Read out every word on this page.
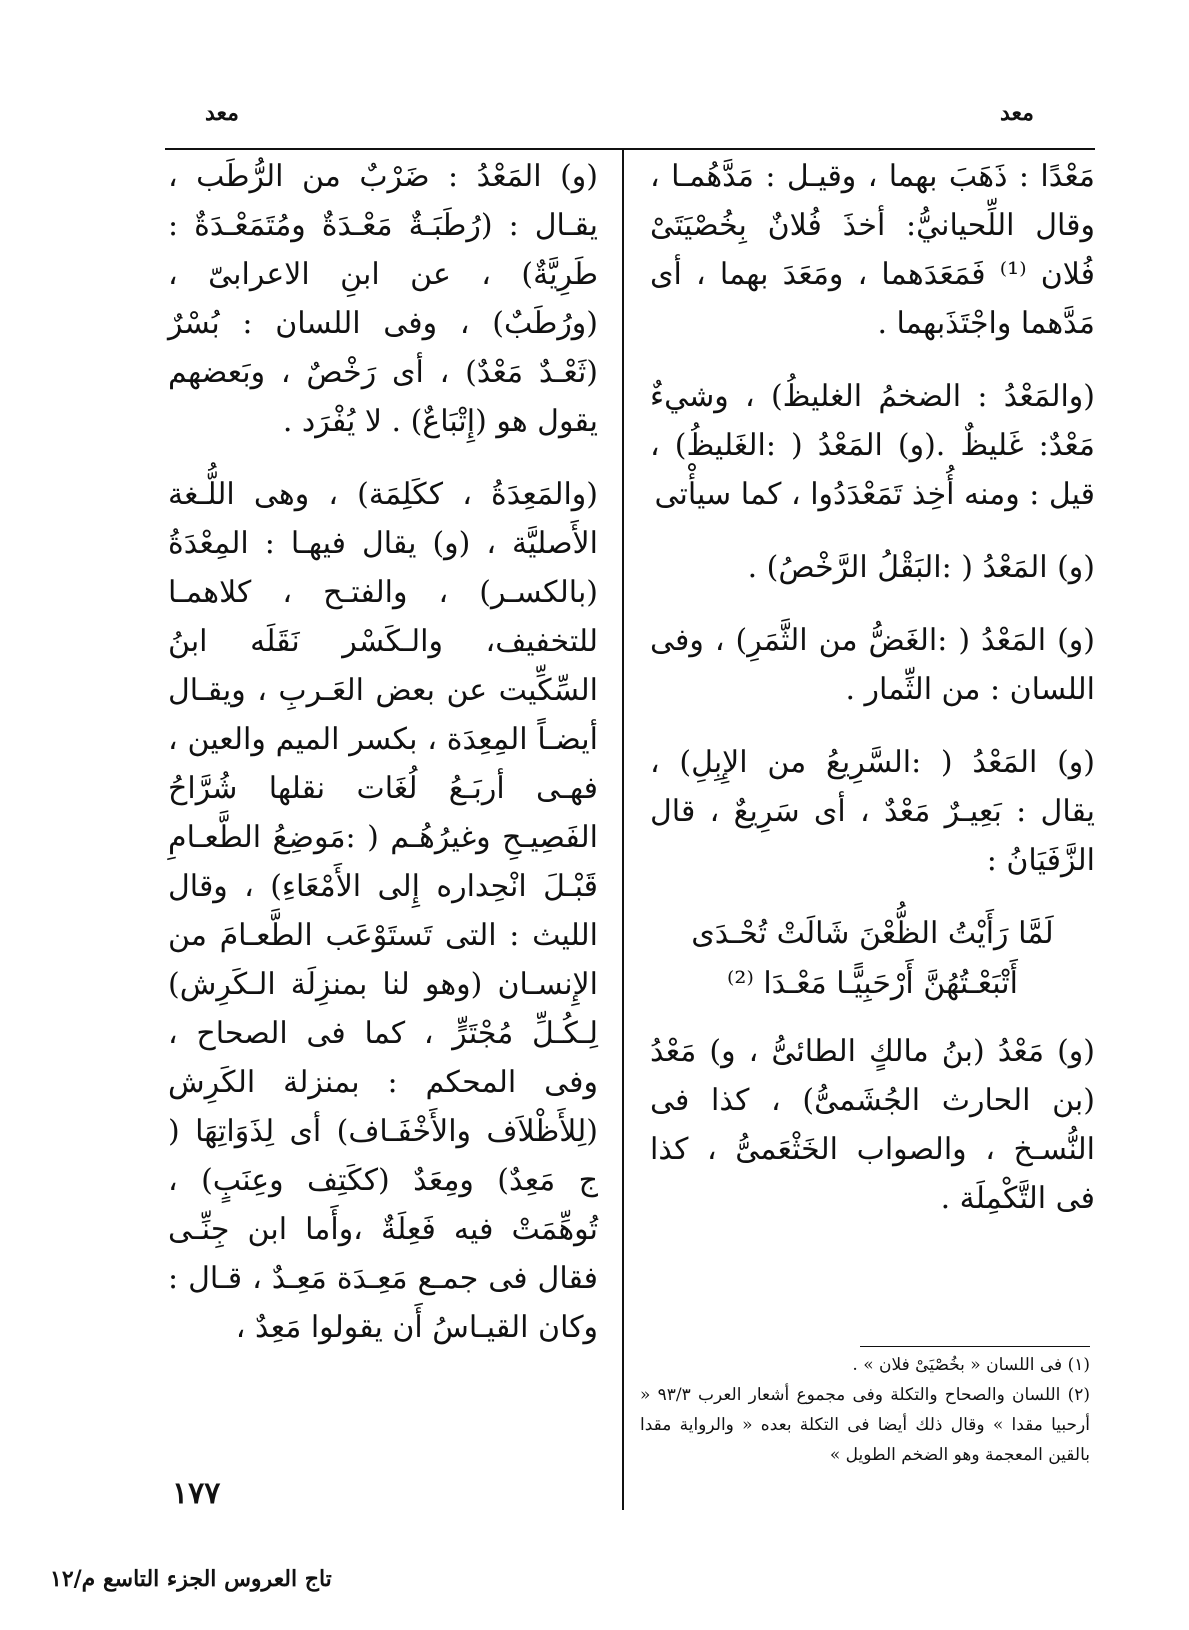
معد
معد

مَعْدًا : ذَهَبَ بهما ، وقيـل : مَدَّهُمـا ، وقال اللِّحيانيُّ: أخذَ فُلانٌ بِخُصْيَتَىْ فُلان ⁽¹⁾ فَمَعَدَهما ، ومَعَدَ بهما ، أى مَدَّهما واجْتَذَبهما .

(والمَعْدُ : الضخمُ الغليظُ) ، وشيءٌ مَعْدٌ: غَليظٌ .(و) المَعْدُ ( :الغَليظُ) ، قيل : ومنه أُخِذ تَمَعْدَدُوا ، كما سيأْتى

(و) المَعْدُ ( :البَقْلُ الرَّخْصُ) .

(و) المَعْدُ ( :الغَضُّ من الثَّمَرِ) ، وفى اللسان : من الثِّمار .

(و) المَعْدُ ( :السَّرِيعُ من الإِبِلِ) ، يقال : بَعِيـرٌ مَعْدٌ ، أى سَرِيعٌ ، قال الزَّفَيَانُ :

لَمَّا رَأَيْتُ الظُّعْنَ شَالَتْ تُحْـدَى
أَتْبَعْـتُهُنَّ أَرْحَبِيًّـا مَعْـدَا ⁽²⁾

(و) مَعْدُ (بنُ مالكٍ الطائىُّ ، و) مَعْدُ (بن الحارث الجُشَمىُّ) ، كذا فى النُّسـخ ، والصواب الخَثْعَمىُّ ، كذا فى التَّكْمِلَة .

(١) فى اللسان « بخُصْيَىْ فلان » .

(٢) اللسان والصحاح والتكلة وفى مجموع أشعار العرب ٩٣/٣ « أرحبيا مقدا » وقال ذلك أيضا فى التكلة بعده « والرواية مقدا بالقين المعجمة وهو الضخم الطويل »

(و) المَعْدُ : ضَرْبٌ من الرُّطَب ، يقـال : (رُطَبَـةٌ مَعْـدَةٌ ومُتَمَعْـدَةٌ : طَرِيَّةٌ) ، عن ابنِ الاعرابىّ ، (ورُطَبٌ) ، وفى اللسان : بُسْرٌ (ثَعْـدٌ مَعْدٌ) ، أى رَخْصٌ ، وبَعضهم يقول هو (إِتْبَاعٌ) . لا يُفْرَد .

(والمَعِدَةُ ، ككَلِمَة) ، وهى اللُّـغة الأَصليَّة ، (و) يقال فيهـا : المِعْدَةُ (بالكسـر) ، والفتـح ، كلاهمـا للتخفيف، والـكَسْر نَقَلَه ابنُ السِّكِّيت عن بعض العَـربِ ، ويقـال أيضـاً المِعِدَة ، بكسر الميم والعين ، فهـى أربَـعُ لُغَات نقلها شُرَّاحُ الفَصِيـحِ وغيرُهُـم ( :مَوضِعُ الطَّعـامِ قَبْـلَ انْحِداره إِلى الأَمْعَاءِ) ، وقال الليث : التى تَستَوْعَب الطَّعـامَ من الإِنسـان (وهو لنا بمنزِلَة الـكَرِش) لِـكُـلِّ مُجْتَرٍّ ، كما فى الصحاح ، وفى المحكم : بمنزلة الكَرِش (لِلأَظْلاَف والأَخْفَـاف) أى لِذَوَاتِهَا ( ج مَعِدٌ) ومِعَدٌ (ككَتِف وعِنَبٍ) ، تُوهِّمَتْ فيه فَعِلَةٌ ،وأَما ابن جِنِّـى فقال فى جمـع مَعِـدَة مَعِـدٌ ، قـال : وكان القيـاسُ أَن يقولوا مَعِدٌ ،

١٧٧
تاج العروس الجزء التاسع م/١٢
